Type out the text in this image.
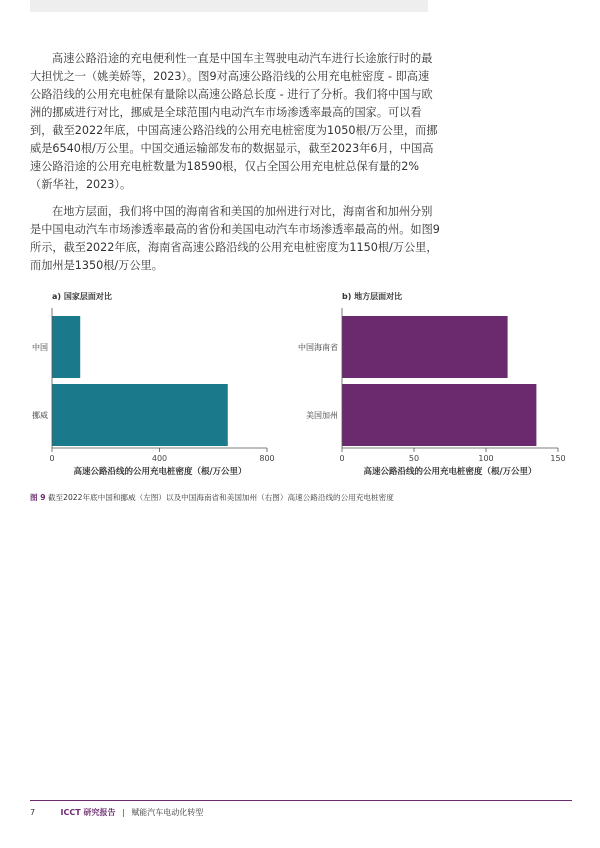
高速公路沿途的充电便利性一直是中国车主驾驶电动汽车进行长途旅行时的最大担忧之一（姚美娇等，2023）。图9对高速公路沿线的公用充电桩密度 - 即高速公路沿线的公用充电桩保有量除以高速公路总长度 - 进行了分析。我们将中国与欧洲的挪威进行对比，挪威是全球范围内电动汽车市场渗透率最高的国家。可以看到，截至2022年底，中国高速公路沿线的公用充电桩密度为1050根/万公里，而挪威是6540根/万公里。中国交通运输部发布的数据显示，截至2023年6月，中国高速公路沿途的公用充电桩数量为18590根，仅占全国公用充电桩总保有量的2%（新华社，2023）。

在地方层面，我们将中国的海南省和美国的加州进行对比，海南省和加州分别是中国电动汽车市场渗透率最高的省份和美国电动汽车市场渗透率最高的州。如图9所示，截至2022年底，海南省高速公路沿线的公用充电桩密度为1150根/万公里，而加州是1350根/万公里。

a) 国家层面对比
中国
挪威
0	400	800
高速公路沿线的公用充电桩密度（根/万公里）
b) 地方层面对比
中国海南省
美国加州
0	50	100	150
高速公路沿线的公用充电桩密度（根/万公里）
图 9 截至2022年底中国和挪威（左图）以及中国海南省和美国加州（右图）高速公路沿线的公用充电桩密度
7	ICCT 研究报告 | 赋能汽车电动化转型
